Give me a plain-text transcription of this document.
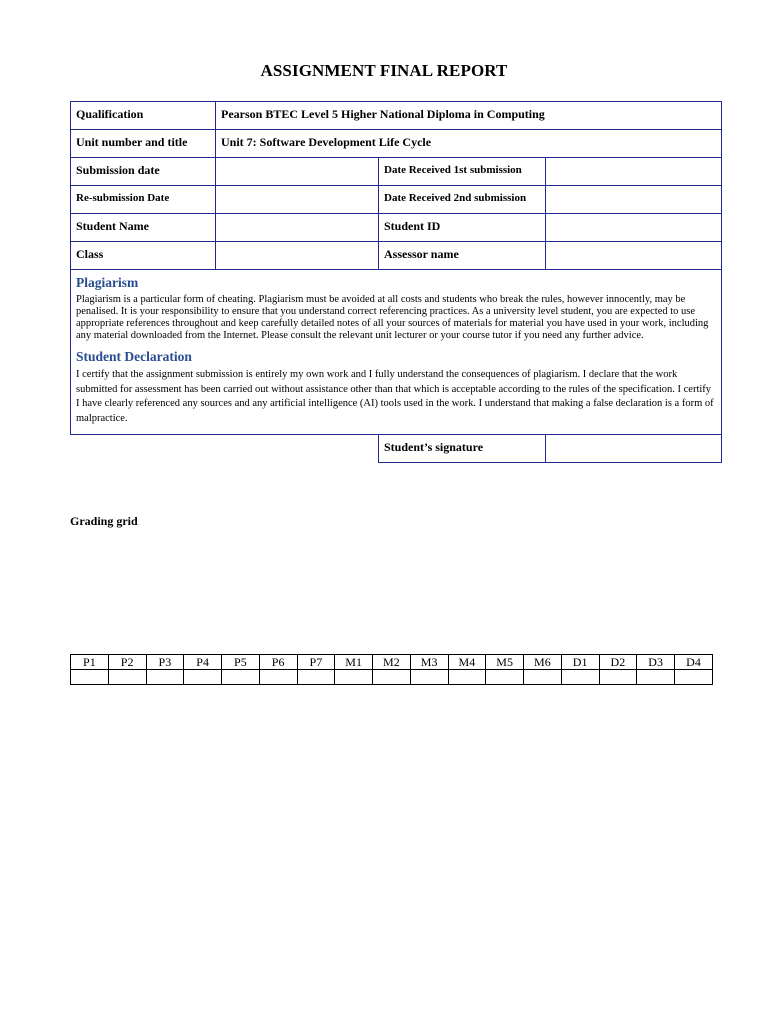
ASSIGNMENT FINAL REPORT
Qualification	Pearson BTEC Level 5 Higher National Diploma in Computing		
Unit number and title	Unit 7: Software Development Life Cycle		
Submission date		Date Received 1st submission	
Re-submission Date		Date Received 2nd submission	
Student Name		Student ID	
Class		Assessor name	

Plagiarism

Plagiarism is a particular form of cheating. Plagiarism must be avoided at all costs and students who break the rules, however innocently, may be penalised. It is your responsibility to ensure that you understand correct referencing practices. As a university level student, you are expected to use appropriate references throughout and keep carefully detailed notes of all your sources of materials for material you have used in your work, including any material downloaded from the Internet. Please consult the relevant unit lecturer or your course tutor if you need any further advice.

Student Declaration

I certify that the assignment submission is entirely my own work and I fully understand the consequences of plagiarism. I declare that the work submitted for assessment has been carried out without assistance other than that which is acceptable according to the rules of the specification. I certify I have clearly referenced any sources and any artificial intelligence (AI) tools used in the work. I understand that making a false declaration is a form of malpractice.			

		Student’s signature	
Grading grid
P1	P2	P3	P4	P5	P6	P7	M1	M2	M3	M4	M5	M6	D1	D2	D3	D4
